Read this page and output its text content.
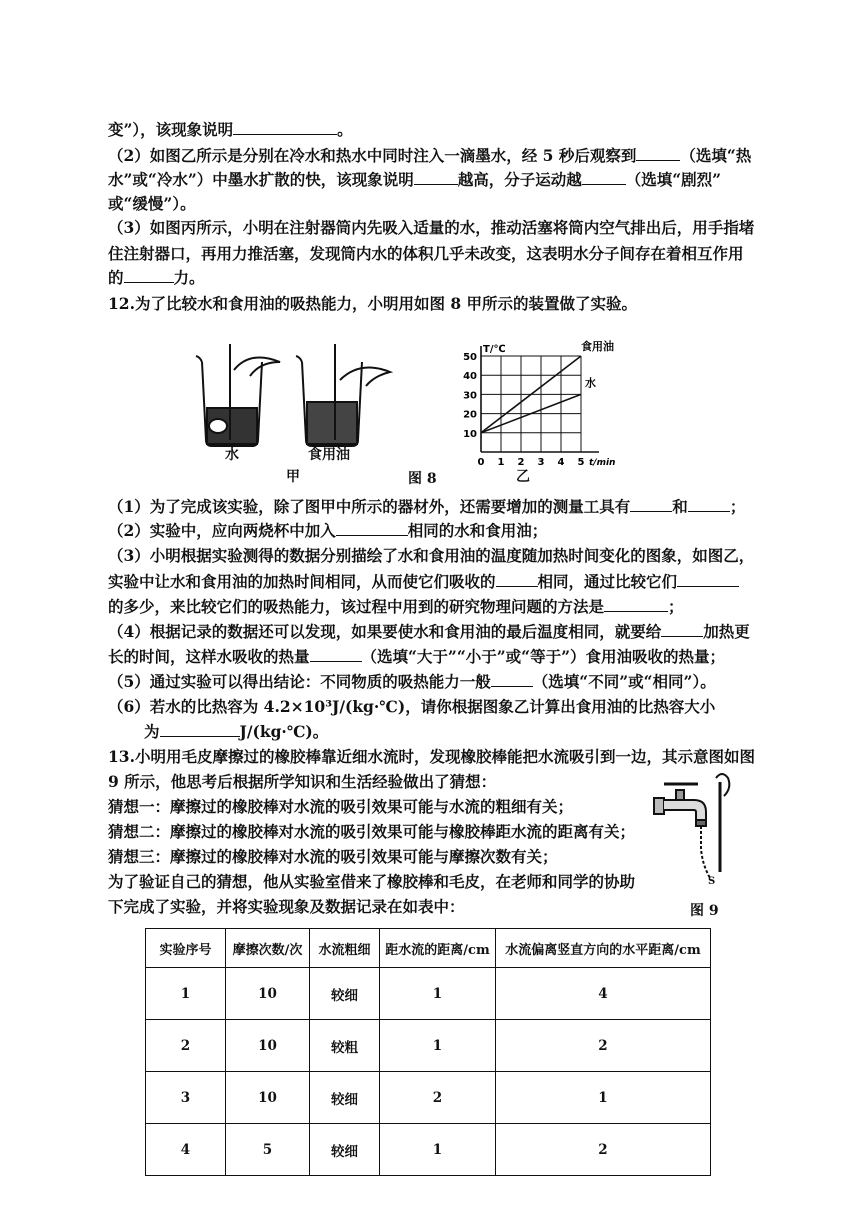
变”），该现象说明	。
（2）如图乙所示是分别在冷水和热水中同时注入一滴墨水，经 5 秒后观察到	（选填“热
水”或“冷水”）中墨水扩散的快，该现象说明	越高，分子运动越	（选填“剧烈”
或“缓慢”）。
（3）如图丙所示，小明在注射器筒内先吸入适量的水，推动活塞将筒内空气排出后，用手指堵
住注射器口，再用力推活塞，发现筒内水的体积几乎未改变，这表明水分子间存在着相互作用
的	力。
12.为了比较水和食用油的吸热能力，小明用如图 8 甲所示的装置做了实验。
水	食用油
甲	图 8
0 1 2 3 4 5
10
20
30
40
50
T/℃
t/min
食用油
水
乙
（1）为了完成该实验，除了图甲中所示的器材外，还需要增加的测量工具有	和	；
（2）实验中，应向两烧杯中加入	相同的水和食用油；
（3）小明根据实验测得的数据分别描绘了水和食用油的温度随加热时间变化的图象，如图乙，
实验中让水和食用油的加热时间相同，从而使它们吸收的	相同，通过比较它们
的多少，来比较它们的吸热能力，该过程中用到的研究物理问题的方法是	；
（4）根据记录的数据还可以发现，如果要使水和食用油的最后温度相同，就要给	加热更
长的时间，这样水吸收的热量	（选填“大于”“小于”或“等于”）食用油吸收的热量；
（5）通过实验可以得出结论：不同物质的吸热能力一般	（选填“不同”或“相同”）。
（6）若水的比热容为 4.2×10³J/(kg·℃)，请你根据图象乙计算出食用油的比热容大小
为	J/(kg·℃)。
13.小明用毛皮摩擦过的橡胶棒靠近细水流时，发现橡胶棒能把水流吸引到一边，其示意图如图
9 所示，他思考后根据所学知识和生活经验做出了猜想：
猜想一：摩擦过的橡胶棒对水流的吸引效果可能与水流的粗细有关；
猜想二：摩擦过的橡胶棒对水流的吸引效果可能与橡胶棒距水流的距离有关；
猜想三：摩擦过的橡胶棒对水流的吸引效果可能与摩擦次数有关；
为了验证自己的猜想，他从实验室借来了橡胶棒和毛皮，在老师和同学的协助
下完成了实验，并将实验现象及数据记录在如表中：
S
图 9
实验序号	摩擦次数/次	水流粗细	距水流的距离/cm	水流偏离竖直方向的水平距离/cm
1	10	较细	1	4
2	10	较粗	1	2
3	10	较细	2	1
4	5	较细	1	2
